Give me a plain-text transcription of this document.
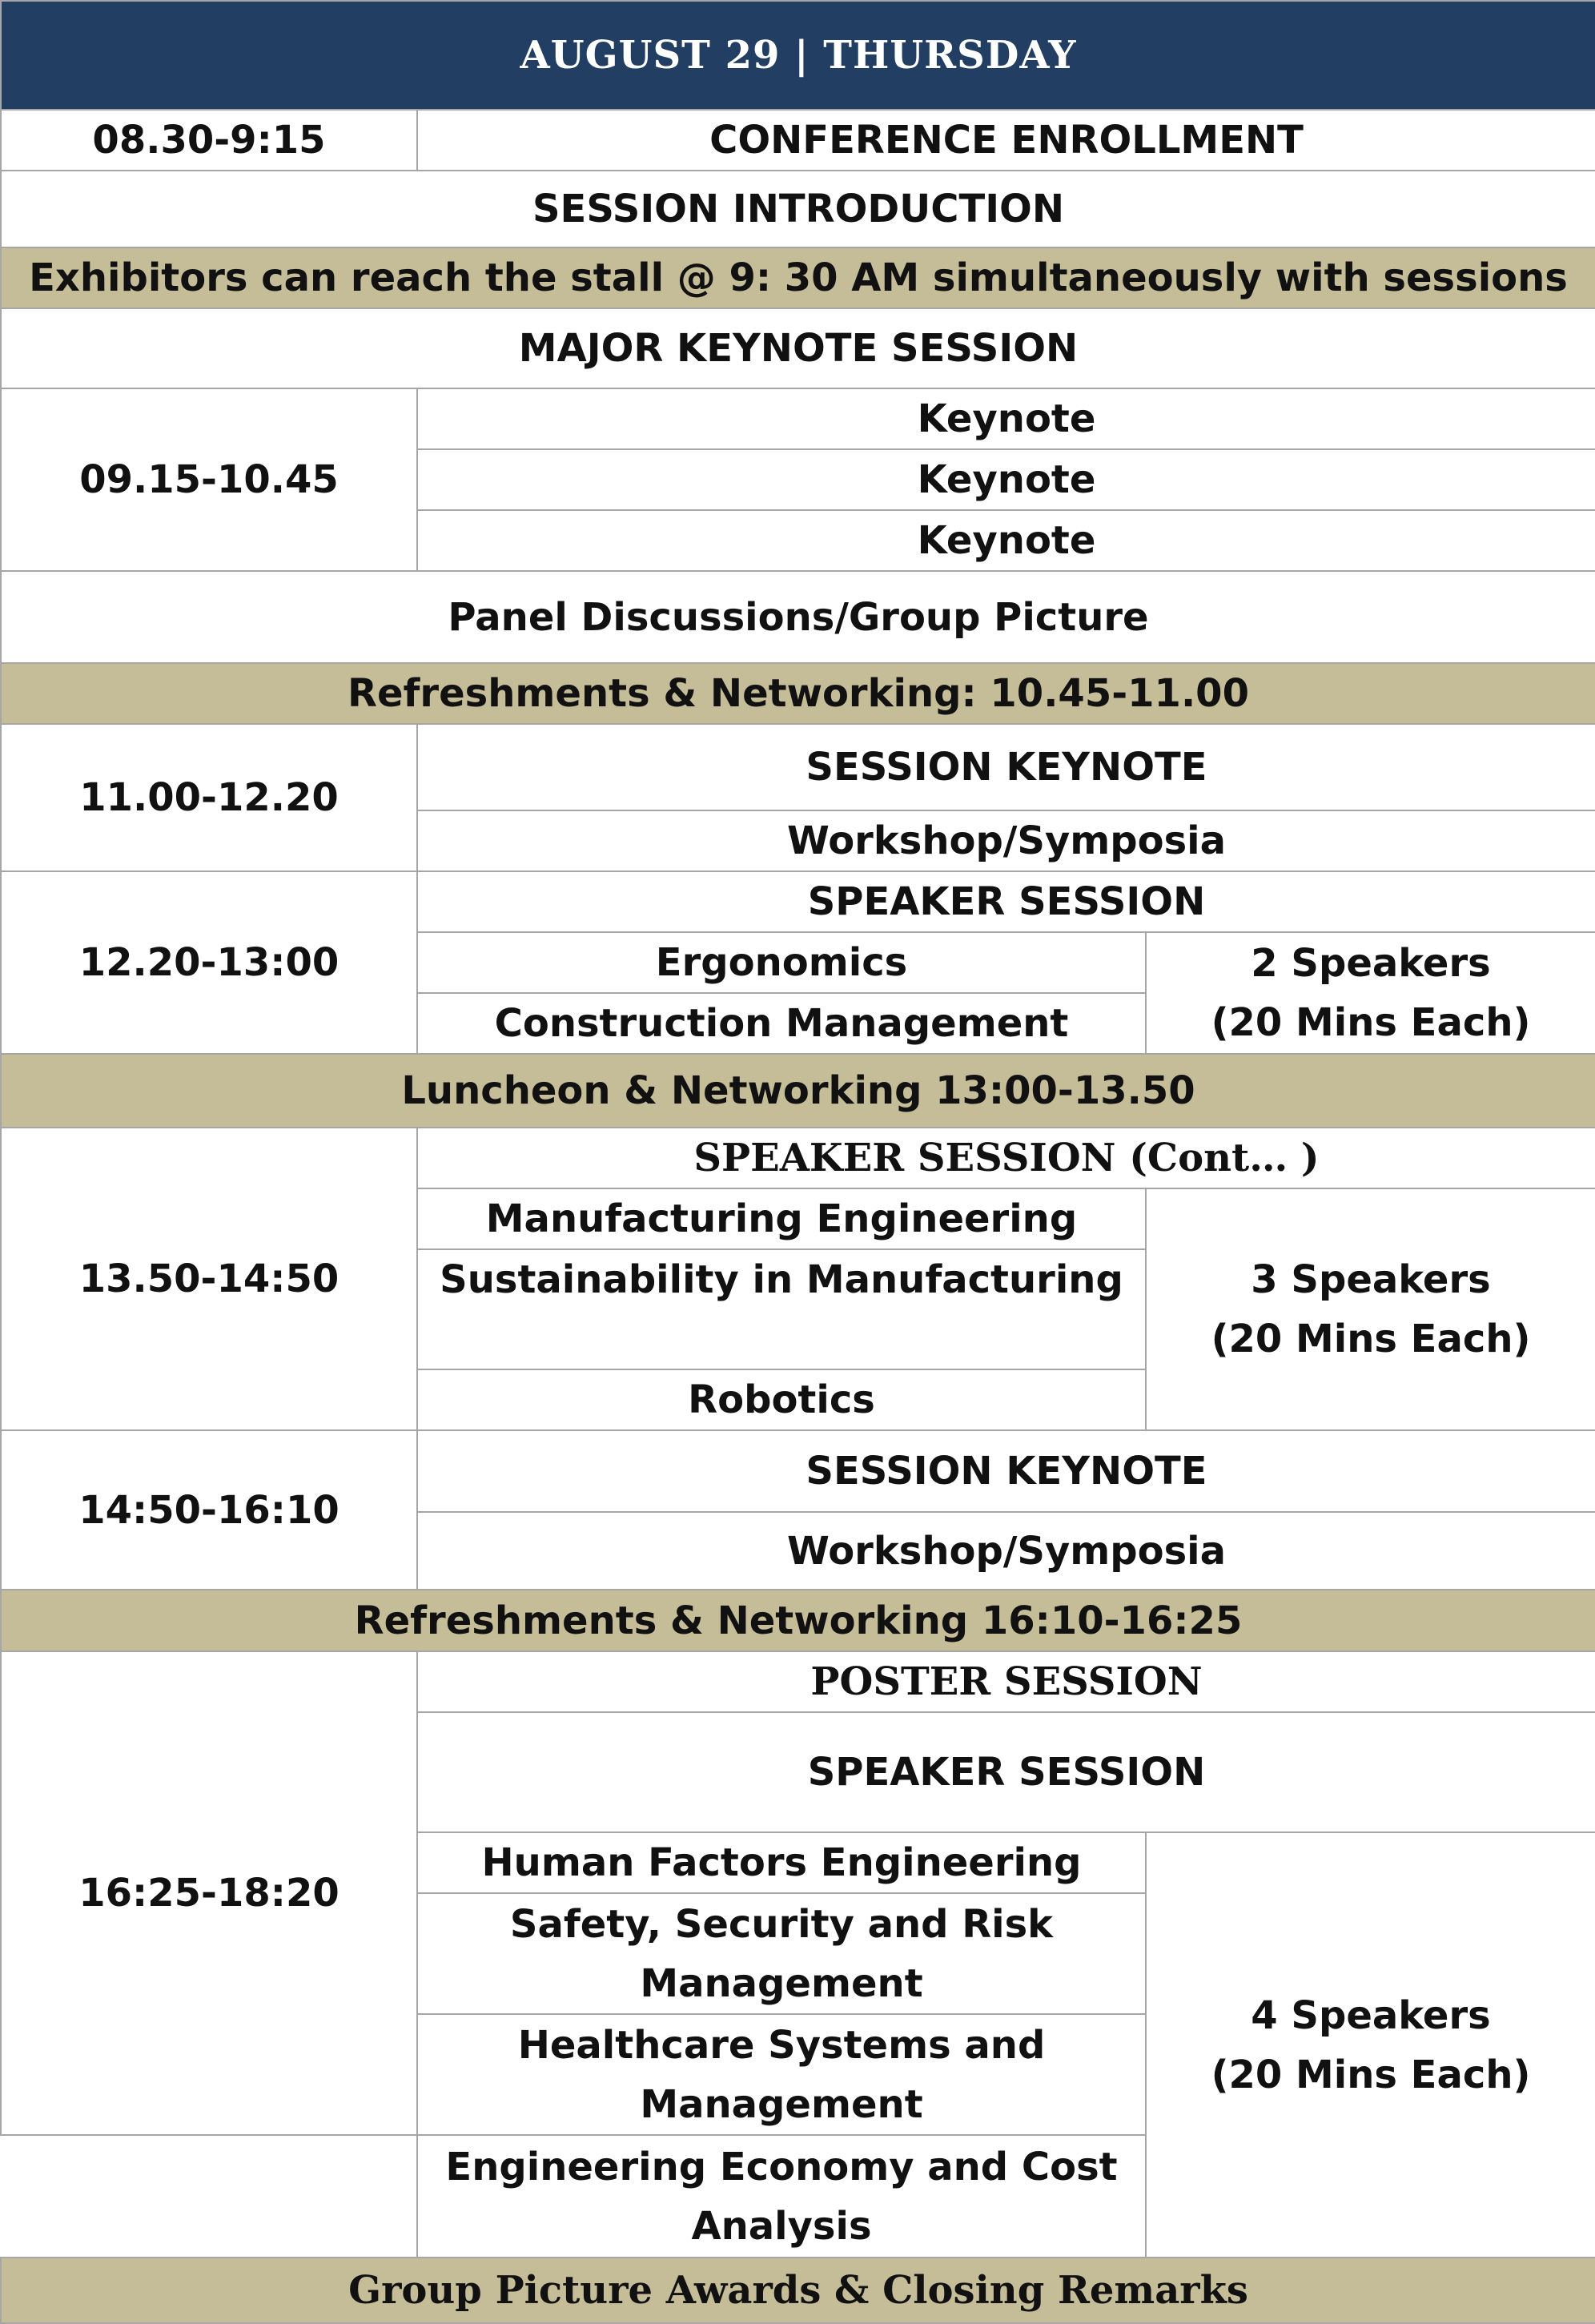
AUGUST 29 | THURSDAY		
08.30-9:15	CONFERENCE ENROLLMENT	
SESSION INTRODUCTION		
Exhibitors can reach the stall @ 9: 30 AM simultaneously with sessions		
MAJOR KEYNOTE SESSION		
09.15-10.45	Keynote	
	Keynote	
	Keynote	
Panel Discussions/Group Picture		
Refreshments & Networking: 10.45-11.00		
11.00-12.20	SESSION KEYNOTE	
	Workshop/Symposia	
12.20-13:00	SPEAKER SESSION	
	Ergonomics	2 Speakers
(20 Mins Each)

	Construction Management	
Luncheon & Networking 13:00-13.50		
13.50-14:50	SPEAKER SESSION (Cont… )	
	Manufacturing Engineering	3 Speakers
(20 Mins Each)

	Sustainability in Manufacturing	
	Robotics	
14:50-16:10	SESSION KEYNOTE	
	Workshop/Symposia	
Refreshments & Networking 16:10-16:25		
16:25-18:20	POSTER SESSION	
	SPEAKER SESSION	
	Human Factors Engineering	4 Speakers
(20 Mins Each)

	Safety, Security and Risk
Management	

	Healthcare Systems and
Management	

	Engineering Economy and Cost
Analysis	

Group Picture Awards & Closing Remarks		
